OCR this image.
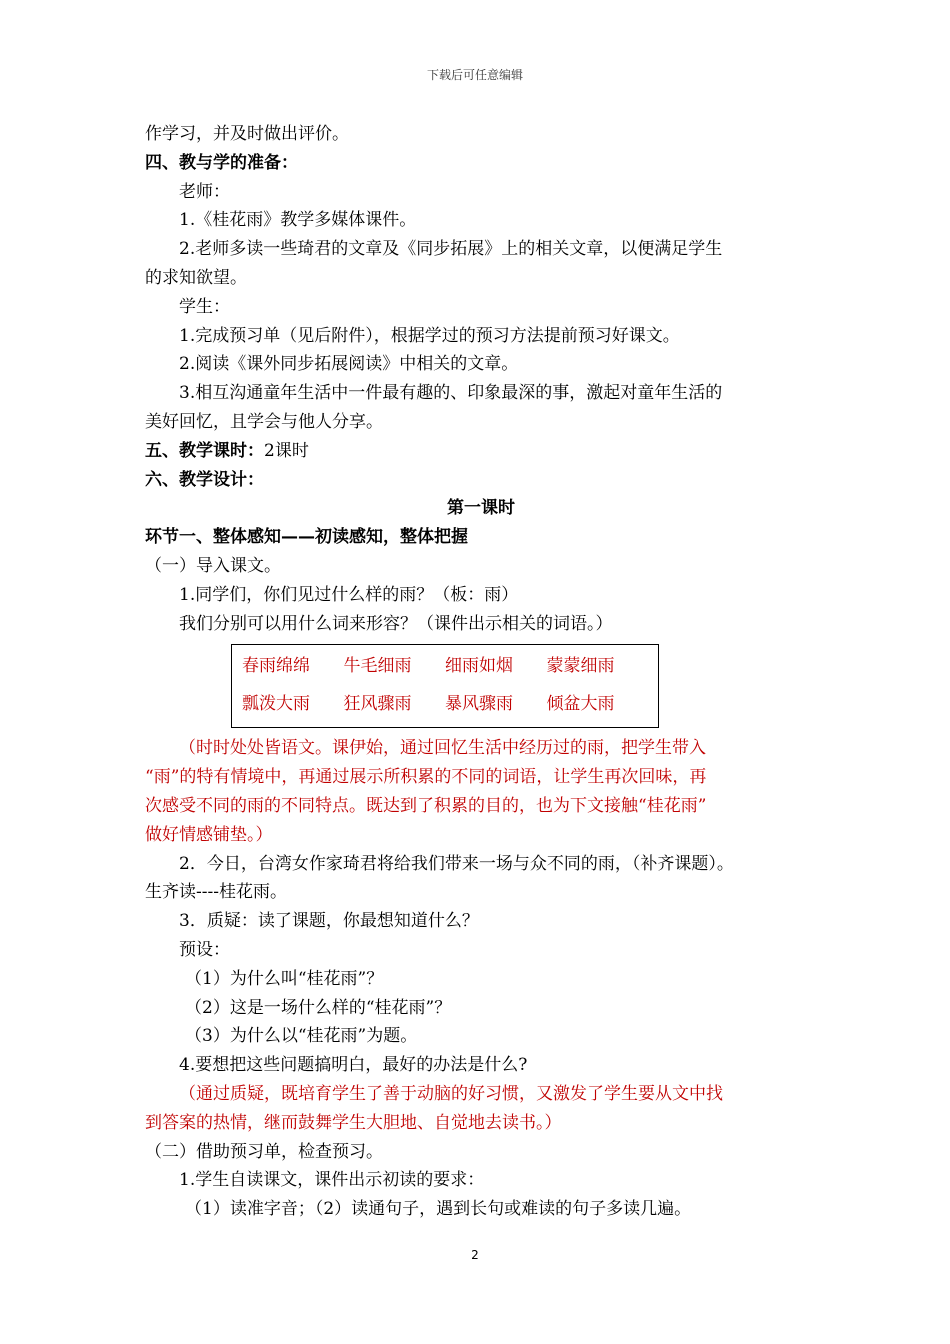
下载后可任意编辑

作学习，并及时做出评价。

四、教与学的准备：

老师：

1.《桂花雨》教学多媒体课件。

2.老师多读一些琦君的文章及《同步拓展》上的相关文章，以便满足学生

的求知欲望。

学生：

1.完成预习单（见后附件），根据学过的预习方法提前预习好课文。

2.阅读《课外同步拓展阅读》中相关的文章。

3.相互沟通童年生活中一件最有趣的、印象最深的事，激起对童年生活的

美好回忆，且学会与他人分享。

五、教学课时：2课时

六、教学设计：

第一课时

环节一、整体感知——初读感知，整体把握

（一）导入课文。

1.同学们，你们见过什么样的雨？（板：雨）

我们分别可以用什么词来形容？（课件出示相关的词语。）

春雨绵绵	牛毛细雨	细雨如烟	蒙蒙细雨
瓢泼大雨	狂风骤雨	暴风骤雨	倾盆大雨

（时时处处皆语文。课伊始，通过回忆生活中经历过的雨，把学生带入

“雨”的特有情境中，再通过展示所积累的不同的词语，让学生再次回味，再

次感受不同的雨的不同特点。既达到了积累的目的，也为下文接触“桂花雨”

做好情感铺垫。）

2．今日，台湾女作家琦君将给我们带来一场与众不同的雨，（补齐课题）。

生齐读----桂花雨。

3．质疑：读了课题，你最想知道什么？

预设：

（1）为什么叫“桂花雨”？

（2）这是一场什么样的“桂花雨”？

（3）为什么以“桂花雨”为题。

4.要想把这些问题搞明白，最好的办法是什么?

（通过质疑，既培育学生了善于动脑的好习惯，又激发了学生要从文中找

到答案的热情，继而鼓舞学生大胆地、自觉地去读书。）

（二）借助预习单，检查预习。

1.学生自读课文，课件出示初读的要求：

（1）读准字音；（2）读通句子，遇到长句或难读的句子多读几遍。

2
